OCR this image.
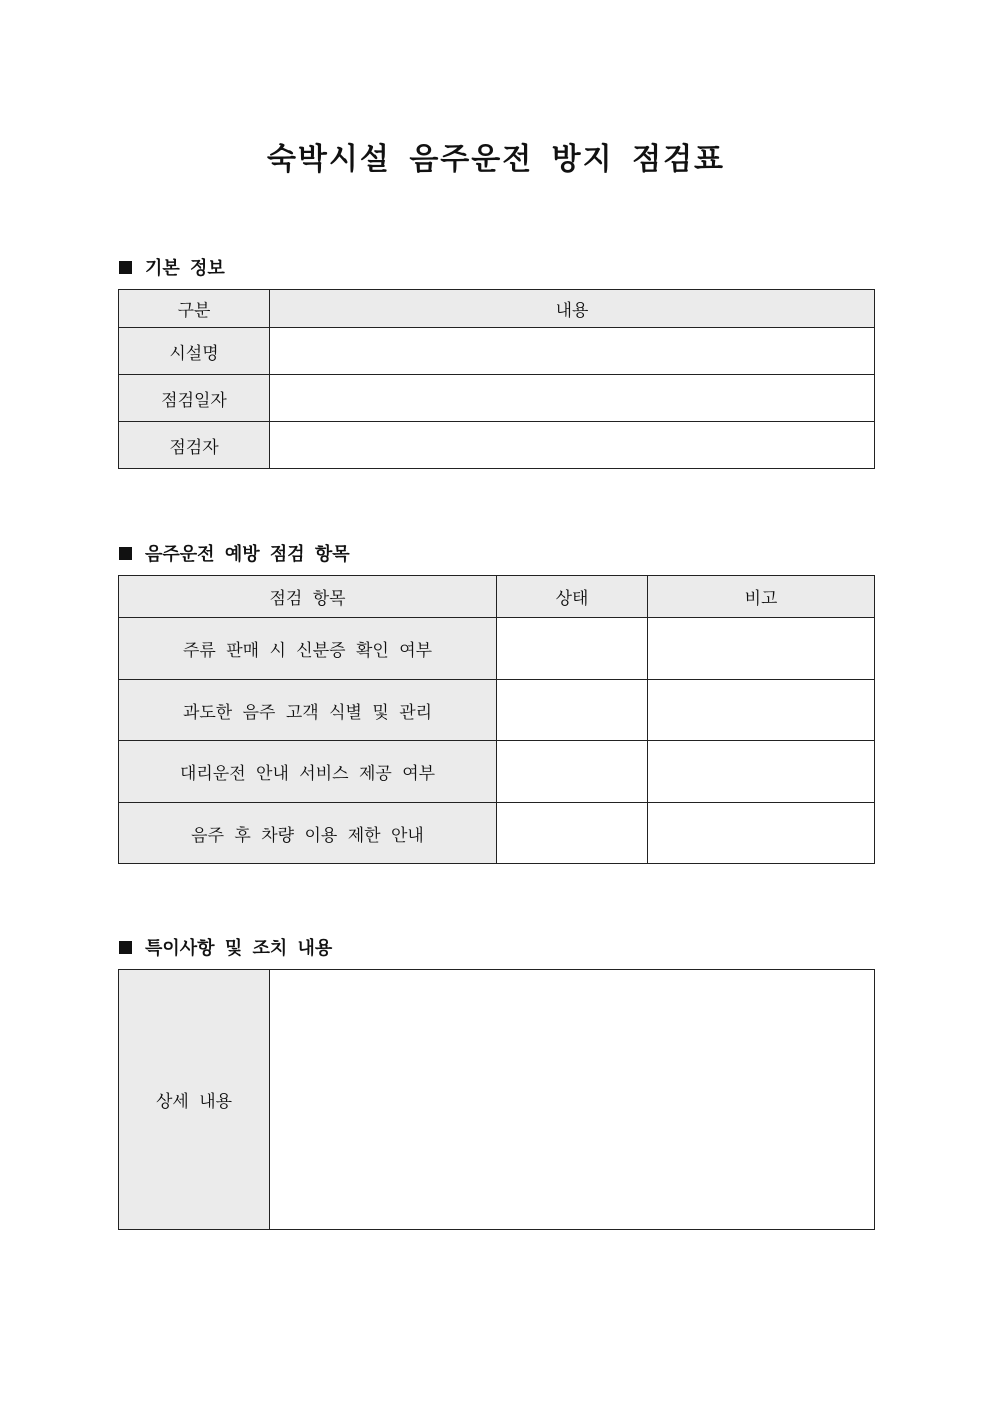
숙박시설 음주운전 방지 점검표
기본 정보
구분	내용
시설명	
점검일자	
점검자	
음주운전 예방 점검 항목
점검 항목	상태	비고
주류 판매 시 신분증 확인 여부		
과도한 음주 고객 식별 및 관리		
대리운전 안내 서비스 제공 여부		
음주 후 차량 이용 제한 안내		
특이사항 및 조치 내용
상세 내용	
